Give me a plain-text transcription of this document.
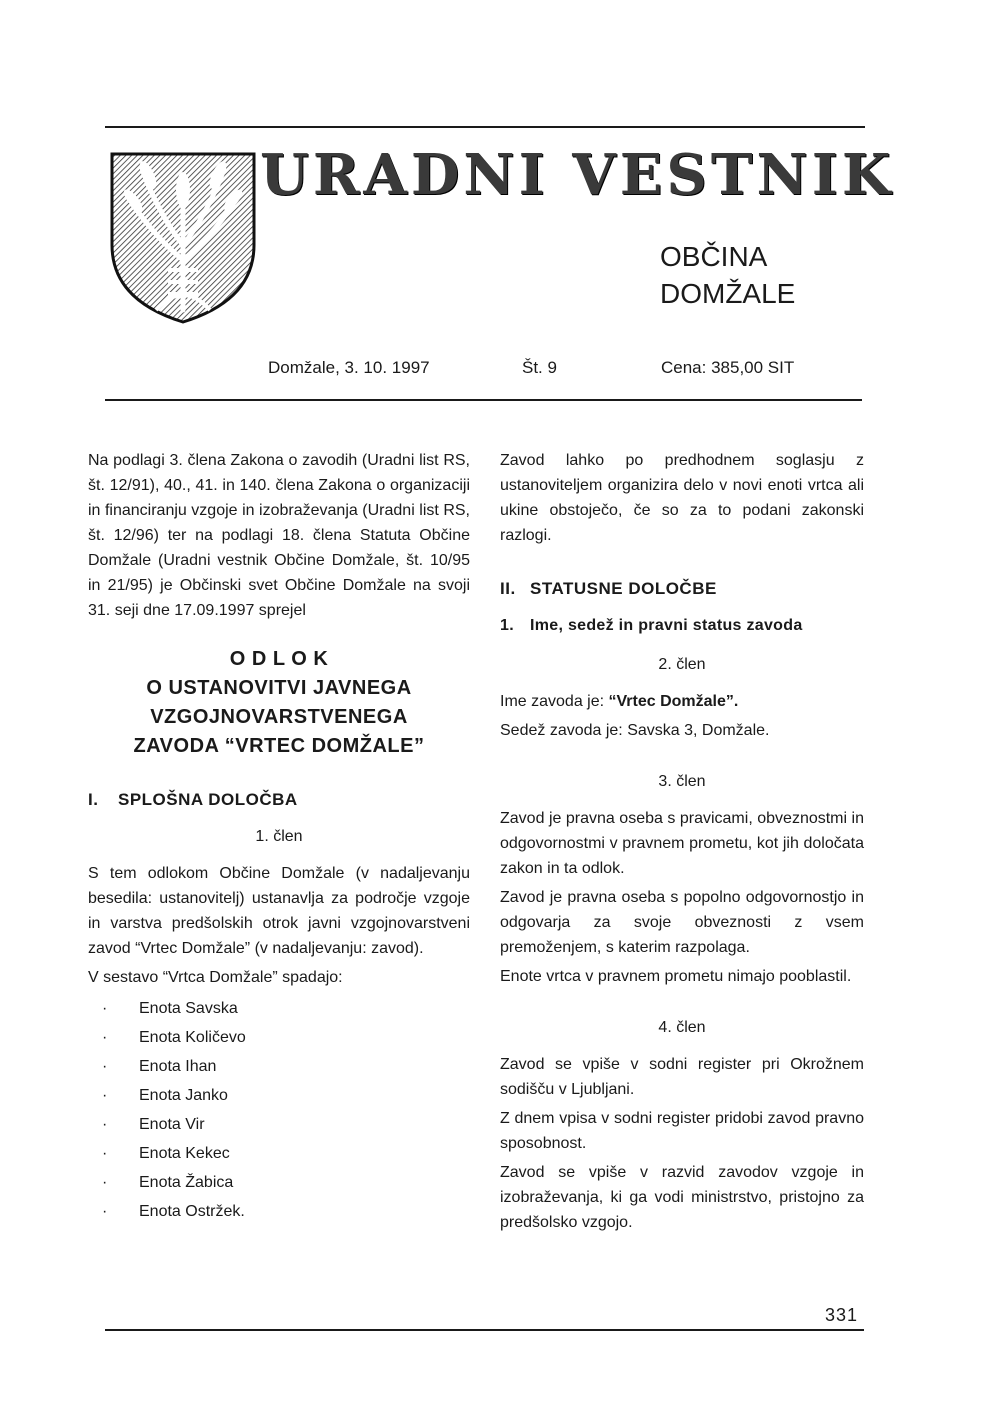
URADNI VESTNIK
OBČINA
DOMŽALE
Domžale, 3. 10. 1997	Št. 9	Cena: 385,00 SIT

Na podlagi 3. člena Zakona o zavodih (Uradni list RS, št. 12/91), 40., 41. in 140. člena Zakona o organizaciji in financiranju vzgoje in izobraževanja (Uradni list RS, št. 12/96) ter na podlagi 18. člena Statuta Občine Domžale (Uradni vestnik Občine Domžale, št. 10/95 in 21/95) je Občinski svet Občine Domžale na svoji 31. seji dne 17.09.1997 sprejel

O D L O K
O USTANOVITVI JAVNEGA
VZGOJNOVARSTVENEGA
ZAVODA “VRTEC DOMŽALE”
I. SPLOŠNA DOLOČBA
1. člen

S tem odlokom Občine Domžale (v nadaljevanju besedila: ustanovitelj) ustanavlja za področje vzgoje in varstva predšolskih otrok javni vzgojnovarstveni zavod “Vrtec Domžale” (v nadaljevanju: zavod).

V sestavo “Vrtca Domžale” spadajo:

· Enota Savska
· Enota Količevo
· Enota Ihan
· Enota Janko
· Enota Vir
· Enota Kekec
· Enota Žabica
· Enota Ostržek.

Zavod lahko po predhodnem soglasju z ustanoviteljem organizira delo v novi enoti vrtca ali ukine obstoječo, če so za to podani zakonski razlogi.

II. STATUSNE DOLOČBE
1. Ime, sedež in pravni status zavoda
2. člen

Ime zavoda je: “Vrtec Domžale”.

Sedež zavoda je: Savska 3, Domžale.

3. člen

Zavod je pravna oseba s pravicami, obveznostmi in odgovornostmi v pravnem prometu, kot jih določata zakon in ta odlok.

Zavod je pravna oseba s popolno odgovornostjo in odgovarja za svoje obveznosti z vsem premoženjem, s katerim razpolaga.

Enote vrtca v pravnem prometu nimajo pooblastil.

4. člen

Zavod se vpiše v sodni register pri Okrožnem sodišču v Ljubljani.

Z dnem vpisa v sodni register pridobi zavod pravno sposobnost.

Zavod se vpiše v razvid zavodov vzgoje in izobraževanja, ki ga vodi ministrstvo, pristojno za predšolsko vzgojo.

331
